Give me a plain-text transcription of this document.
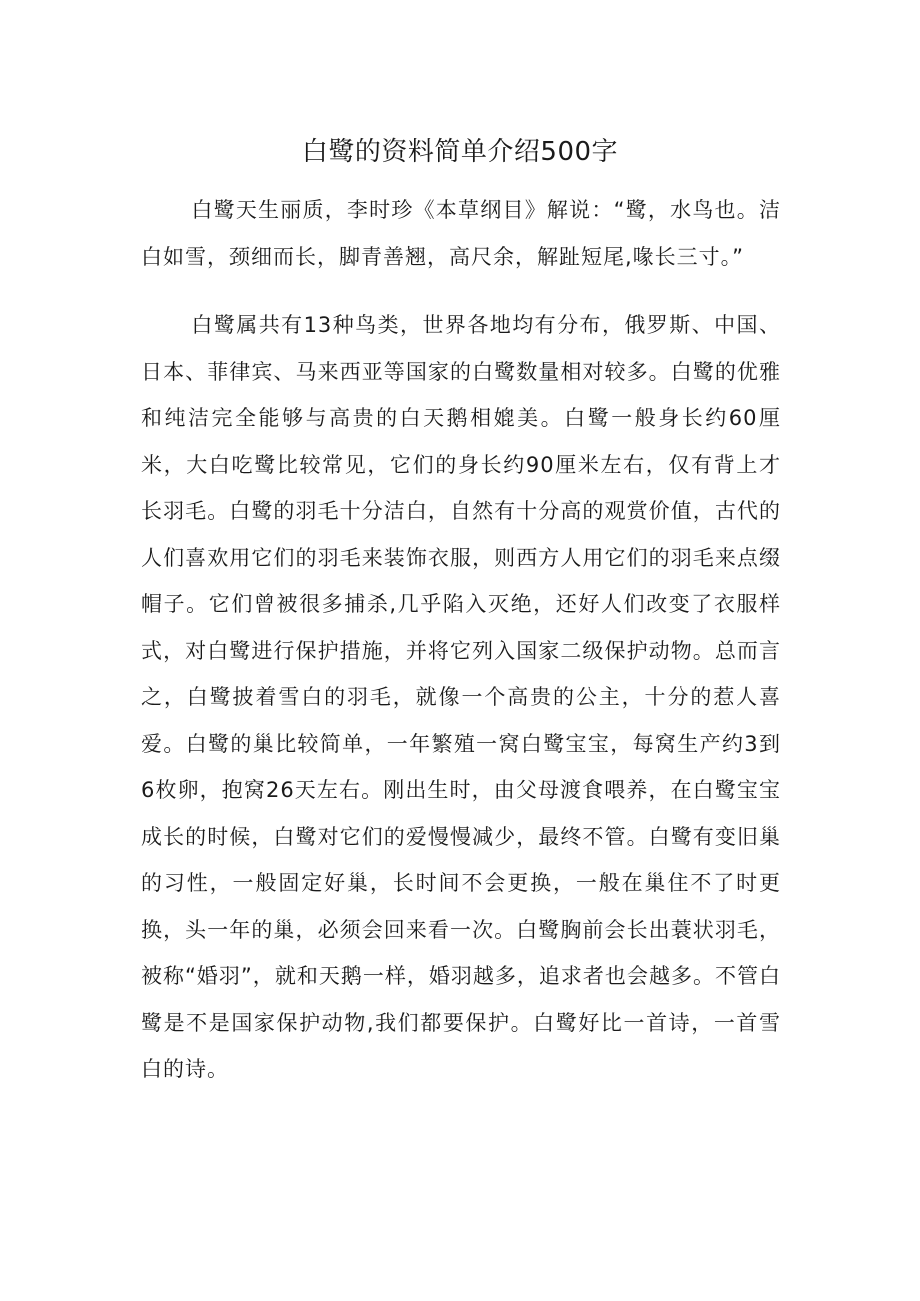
白鹭的资料简单介绍500字

白鹭天生丽质，李时珍《本草纲目》解说：“鹭，水鸟也。洁白如雪，颈细而长，脚青善翘，高尺余，解趾短尾,喙长三寸。”

白鹭属共有13种鸟类，世界各地均有分布，俄罗斯、中国、日本、菲律宾、马来西亚等国家的白鹭数量相对较多。白鹭的优雅和纯洁完全能够与高贵的白天鹅相媲美。白鹭一般身长约60厘米，大白吃鹭比较常见，它们的身长约90厘米左右，仅有背上才长羽毛。白鹭的羽毛十分洁白，自然有十分高的观赏价值，古代的人们喜欢用它们的羽毛来装饰衣服，则西方人用它们的羽毛来点缀帽子。它们曾被很多捕杀,几乎陷入灭绝，还好人们改变了衣服样式，对白鹭进行保护措施，并将它列入国家二级保护动物。总而言之，白鹭披着雪白的羽毛，就像一个高贵的公主，十分的惹人喜爱。白鹭的巢比较简单，一年繁殖一窝白鹭宝宝，每窝生产约3到6枚卵，抱窝26天左右。刚出生时，由父母渡食喂养，在白鹭宝宝成长的时候，白鹭对它们的爱慢慢减少，最终不管。白鹭有变旧巢的习性，一般固定好巢，长时间不会更换，一般在巢住不了时更换，头一年的巢，必须会回来看一次。白鹭胸前会长出蓑状羽毛，被称“婚羽”，就和天鹅一样，婚羽越多，追求者也会越多。不管白鹭是不是国家保护动物,我们都要保护。白鹭好比一首诗，一首雪白的诗。
